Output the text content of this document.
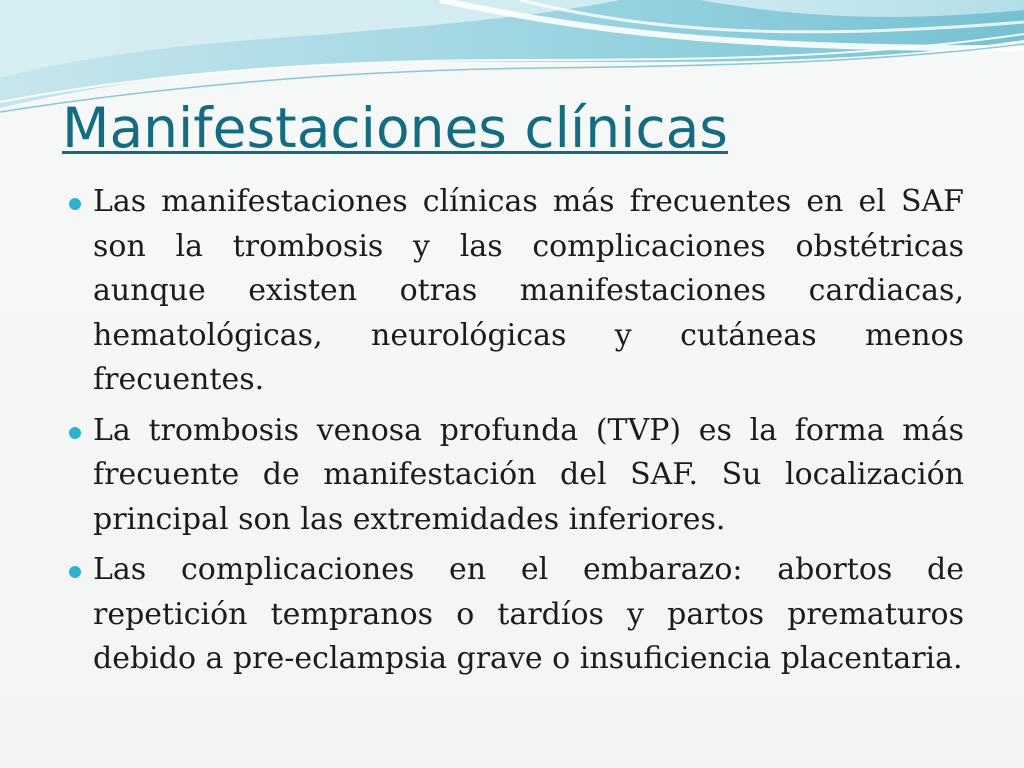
Manifestaciones clínicas
Las manifestaciones clínicas más frecuentes en el SAF son la trombosis y las complicaciones obstétricas aunque existen otras manifestaciones cardiacas, hematológicas, neurológicas y cutáneas menos frecuentes.
La trombosis venosa profunda (TVP) es la forma más frecuente de manifestación del SAF. Su localización principal son las extremidades inferiores.
Las complicaciones en el embarazo: abortos de repetición tempranos o tardíos y partos prematuros debido a pre-eclampsia grave o insuficiencia placentaria.
